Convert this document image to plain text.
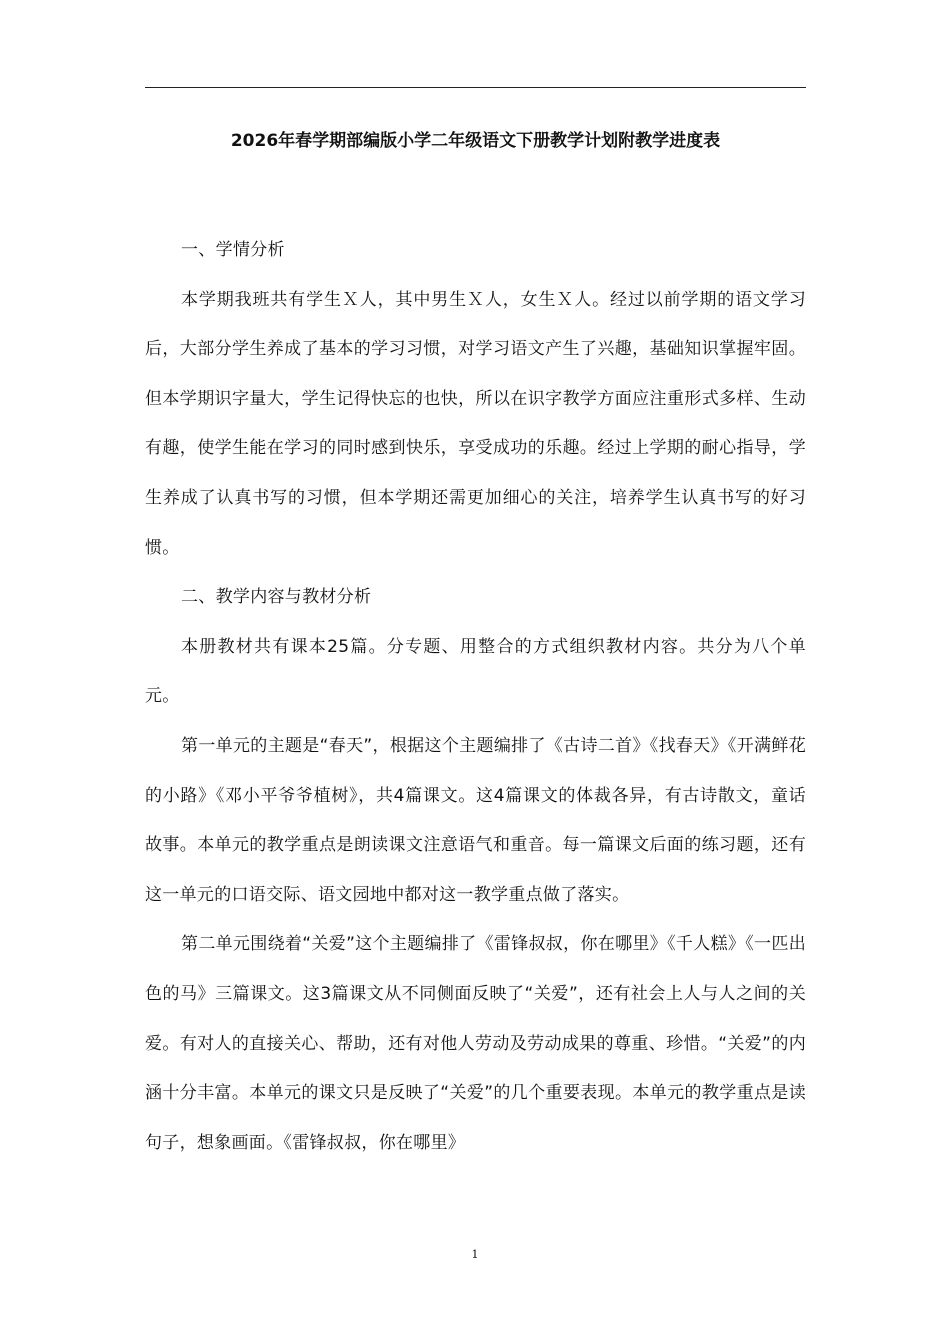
2026年春学期部编版小学二年级语文下册教学计划附教学进度表

一、学情分析

本学期我班共有学生Ｘ人，其中男生Ｘ人，女生Ｘ人。经过以前学期的语文学习后，大部分学生养成了基本的学习习惯，对学习语文产生了兴趣，基础知识掌握牢固。但本学期识字量大，学生记得快忘的也快，所以在识字教学方面应注重形式多样、生动有趣，使学生能在学习的同时感到快乐，享受成功的乐趣。经过上学期的耐心指导，学生养成了认真书写的习惯，但本学期还需更加细心的关注，培养学生认真书写的好习惯。

二、教学内容与教材分析

本册教材共有课本25篇。分专题、用整合的方式组织教材内容。共分为八个单元。

第一单元的主题是“春天”，根据这个主题编排了《古诗二首》《找春天》《开满鲜花的小路》《邓小平爷爷植树》，共4篇课文。这4篇课文的体裁各异，有古诗散文，童话故事。本单元的教学重点是朗读课文注意语气和重音。每一篇课文后面的练习题，还有这一单元的口语交际、语文园地中都对这一教学重点做了落实。

第二单元围绕着“关爱”这个主题编排了《雷锋叔叔，你在哪里》《千人糕》《一匹出色的马》三篇课文。这3篇课文从不同侧面反映了“关爱”，还有社会上人与人之间的关爱。有对人的直接关心、帮助，还有对他人劳动及劳动成果的尊重、珍惜。“关爱”的内涵十分丰富。本单元的课文只是反映了“关爱”的几个重要表现。本单元的教学重点是读句子，想象画面。《雷锋叔叔，你在哪里》

1
